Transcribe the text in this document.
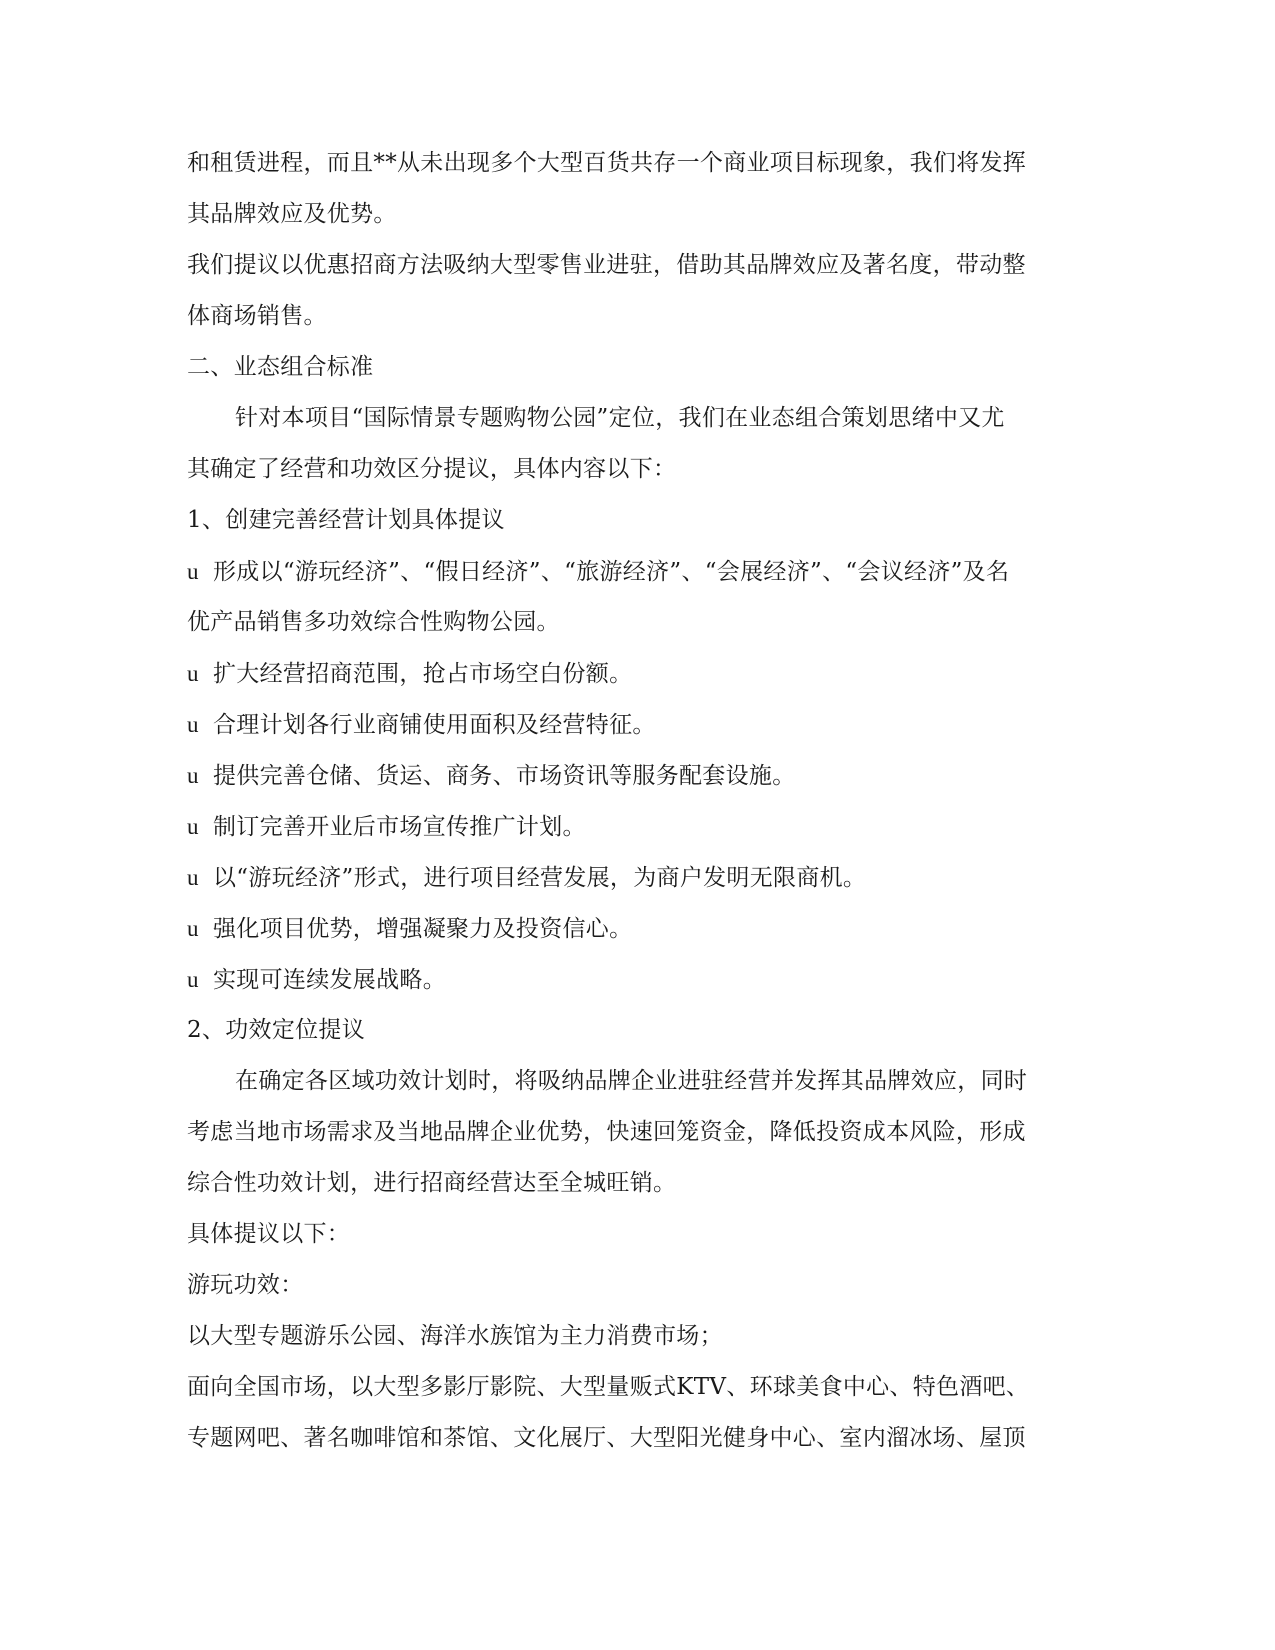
和租赁进程，而且**从未出现多个大型百货共存一个商业项目标现象，我们将发挥
其品牌效应及优势。
我们提议以优惠招商方法吸纳大型零售业进驻，借助其品牌效应及著名度，带动整
体商场销售。
二、业态组合标准
针对本项目“国际情景专题购物公园”定位，我们在业态组合策划思绪中又尤
其确定了经营和功效区分提议，具体内容以下：
1、创建完善经营计划具体提议
u 形成以“游玩经济”、“假日经济”、“旅游经济”、“会展经济”、“会议经济”及名
优产品销售多功效综合性购物公园。
u 扩大经营招商范围，抢占市场空白份额。
u 合理计划各行业商铺使用面积及经营特征。
u 提供完善仓储、货运、商务、市场资讯等服务配套设施。
u 制订完善开业后市场宣传推广计划。
u 以“游玩经济”形式，进行项目经营发展，为商户发明无限商机。
u 强化项目优势，增强凝聚力及投资信心。
u 实现可连续发展战略。
2、功效定位提议
在确定各区域功效计划时，将吸纳品牌企业进驻经营并发挥其品牌效应，同时
考虑当地市场需求及当地品牌企业优势，快速回笼资金，降低投资成本风险，形成
综合性功效计划，进行招商经营达至全城旺销。
具体提议以下：
游玩功效：
以大型专题游乐公园、海洋水族馆为主力消费市场；
面向全国市场，以大型多影厅影院、大型量贩式KTV、环球美食中心、特色酒吧、
专题网吧、著名咖啡馆和茶馆、文化展厅、大型阳光健身中心、室内溜冰场、屋顶
